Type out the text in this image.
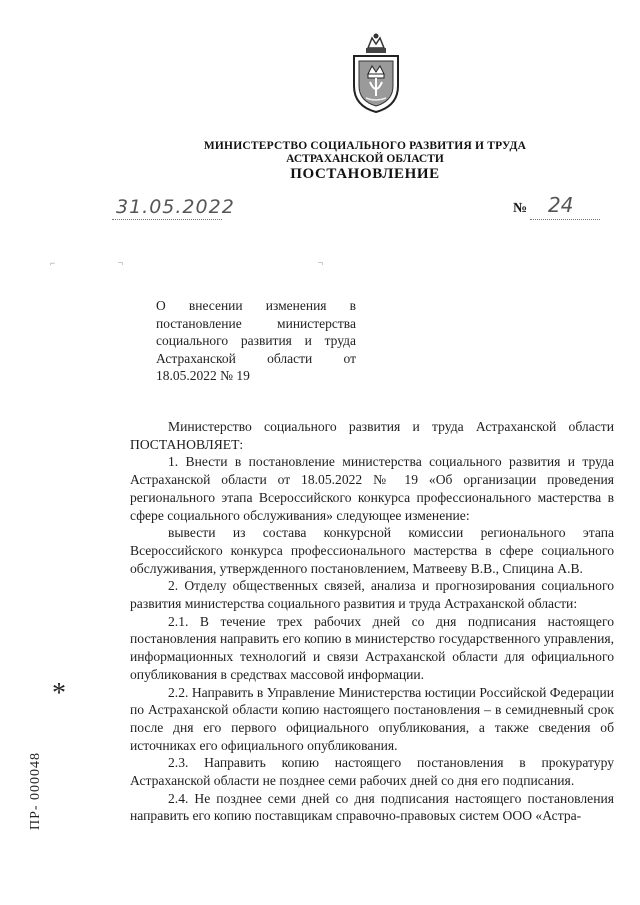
МИНИСТЕРСТВО СОЦИАЛЬНОГО РАЗВИТИЯ И ТРУДА
АСТРАХАНСКОЙ ОБЛАСТИ
ПОСТАНОВЛЕНИЕ
31.05.2022	№ 24
⌐	¬	¬
О внесении изменения в постановление министерства социального развития и труда Астраханской области от 18.05.2022 № 19

Министерство социального развития и труда Астраханской области ПОСТАНОВЛЯЕТ:

1. Внести в постановление министерства социального развития и труда Астраханской области от 18.05.2022 № 19 «Об организации проведения регионального этапа Всероссийского конкурса профессионального мастерства в сфере социального обслуживания» следующее изменение:

вывести из состава конкурсной комиссии регионального этапа Всероссийского конкурса профессионального мастерства в сфере социального обслуживания, утвержденного постановлением, Матвееву В.В., Спицина А.В.

2. Отделу общественных связей, анализа и прогнозирования социального развития министерства социального развития и труда Астраханской области:

2.1. В течение трех рабочих дней со дня подписания настоящего постановления направить его копию в министерство государственного управления, информационных технологий и связи Астраханской области для официального опубликования в средствах массовой информации.

2.2. Направить в Управление Министерства юстиции Российской Федерации по Астраханской области копию настоящего постановления – в семидневный срок после дня его первого официального опубликования, а также сведения об источниках его официального опубликования.

2.3. Направить копию настоящего постановления в прокуратуру Астраханской области не позднее семи рабочих дней со дня его подписания.

2.4. Не позднее семи дней со дня подписания настоящего постановления направить его копию поставщикам справочно-правовых систем ООО «Астра-

*
ПР- 000048
